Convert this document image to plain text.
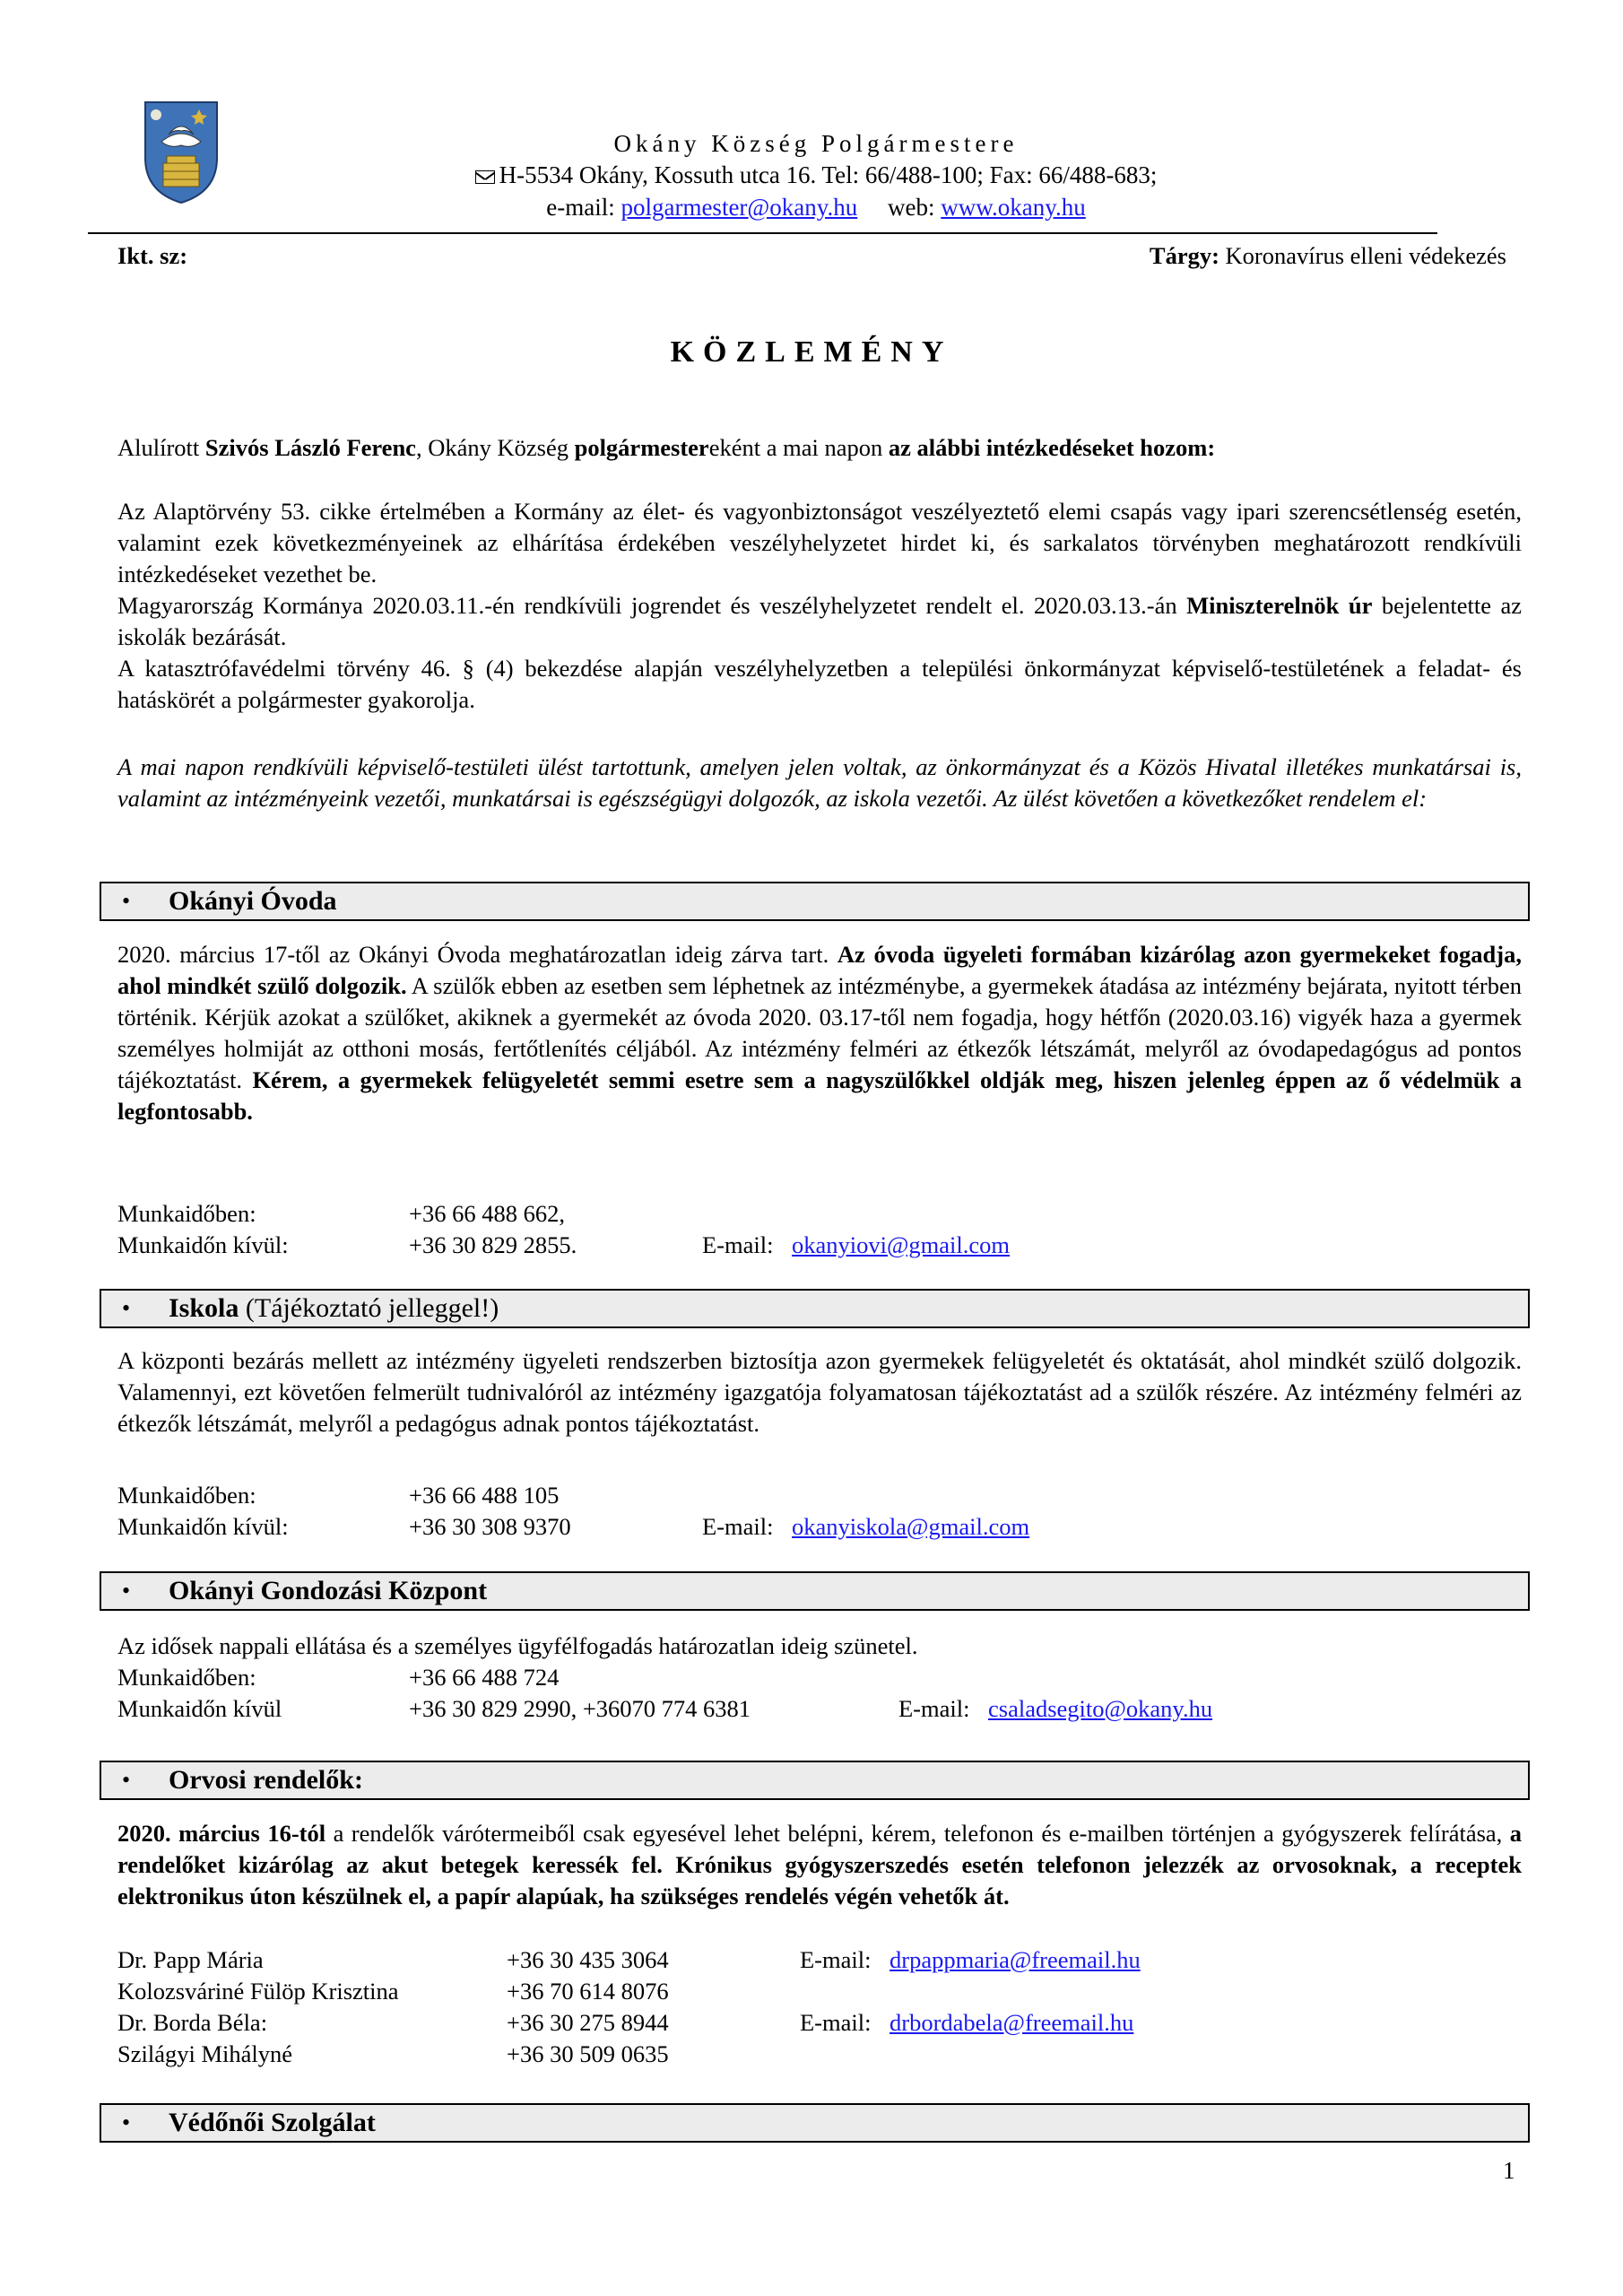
Okány Község Polgármestere
H-5534 Okány, Kossuth utca 16. Tel: 66/488-100; Fax: 66/488-683;
e-mail: polgarmester@okany.hu web: www.okany.hu
Ikt. sz:	Tárgy: Koronavírus elleni védekezés
KÖZLEMÉNY
Alulírott Szivós László Ferenc, Okány Község polgármestereként a mai napon az alábbi intézkedéseket hozom:
Az Alaptörvény 53. cikke értelmében a Kormány az élet- és vagyonbiztonságot veszélyeztető elemi csapás vagy ipari szerencsétlenség esetén, valamint ezek következményeinek az elhárítása érdekében veszélyhelyzetet hirdet ki, és sarkalatos törvényben meghatározott rendkívüli intézkedéseket vezethet be.
Magyarország Kormánya 2020.03.11.-én rendkívüli jogrendet és veszélyhelyzetet rendelt el. 2020.03.13.-án Miniszterelnök úr bejelentette az iskolák bezárását.
A katasztrófavédelmi törvény 46. § (4) bekezdése alapján veszélyhelyzetben a települési önkormányzat képviselő-testületének a feladat- és hatáskörét a polgármester gyakorolja.
A mai napon rendkívüli képviselő-testületi ülést tartottunk, amelyen jelen voltak, az önkormányzat és a Közös Hivatal illetékes munkatársai is, valamint az intézményeink vezetői, munkatársai is egészségügyi dolgozók, az iskola vezetői. Az ülést követően a következőket rendelem el:
• Okányi Óvoda
2020. március 17-től az Okányi Óvoda meghatározatlan ideig zárva tart. Az óvoda ügyeleti formában kizárólag azon gyermekeket fogadja, ahol mindkét szülő dolgozik. A szülők ebben az esetben sem léphetnek az intézménybe, a gyermekek átadása az intézmény bejárata, nyitott térben történik. Kérjük azokat a szülőket, akiknek a gyermekét az óvoda 2020. 03.17-től nem fogadja, hogy hétfőn (2020.03.16) vigyék haza a gyermek személyes holmiját az otthoni mosás, fertőtlenítés céljából. Az intézmény felméri az étkezők létszámát, melyről az óvodapedagógus ad pontos tájékoztatást. Kérem, a gyermekek felügyeletét semmi esetre sem a nagyszülőkkel oldják meg, hiszen jelenleg éppen az ő védelmük a legfontosabb.
Munkaidőben:	+36 66 488 662,
Munkaidőn kívül:	+36 30 829 2855.	E-mail: okanyiovi@gmail.com
• Iskola (Tájékoztató jelleggel!)
A központi bezárás mellett az intézmény ügyeleti rendszerben biztosítja azon gyermekek felügyeletét és oktatását, ahol mindkét szülő dolgozik. Valamennyi, ezt követően felmerült tudnivalóról az intézmény igazgatója folyamatosan tájékoztatást ad a szülők részére. Az intézmény felméri az étkezők létszámát, melyről a pedagógus adnak pontos tájékoztatást.
Munkaidőben:	+36 66 488 105
Munkaidőn kívül:	+36 30 308 9370	E-mail: okanyiskola@gmail.com
• Okányi Gondozási Központ
Az idősek nappali ellátása és a személyes ügyfélfogadás határozatlan ideig szünetel.
Munkaidőben:	+36 66 488 724
Munkaidőn kívül	+36 30 829 2990, +36070 774 6381	E-mail: csaladsegito@okany.hu
• Orvosi rendelők:
2020. március 16-tól a rendelők várótermeiből csak egyesével lehet belépni, kérem, telefonon és e-mailben történjen a gyógyszerek felírátása, a rendelőket kizárólag az akut betegek keressék fel. Krónikus gyógyszerszedés esetén telefonon jelezzék az orvosoknak, a receptek elektronikus úton készülnek el, a papír alapúak, ha szükséges rendelés végén vehetők át.
Dr. Papp Mária	+36 30 435 3064	E-mail: drpappmaria@freemail.hu
Kolozsváriné Fülöp Krisztina	+36 70 614 8076
Dr. Borda Béla:	+36 30 275 8944	E-mail: drbordabela@freemail.hu
Szilágyi Mihályné	+36 30 509 0635
• Védőnői Szolgálat
1
